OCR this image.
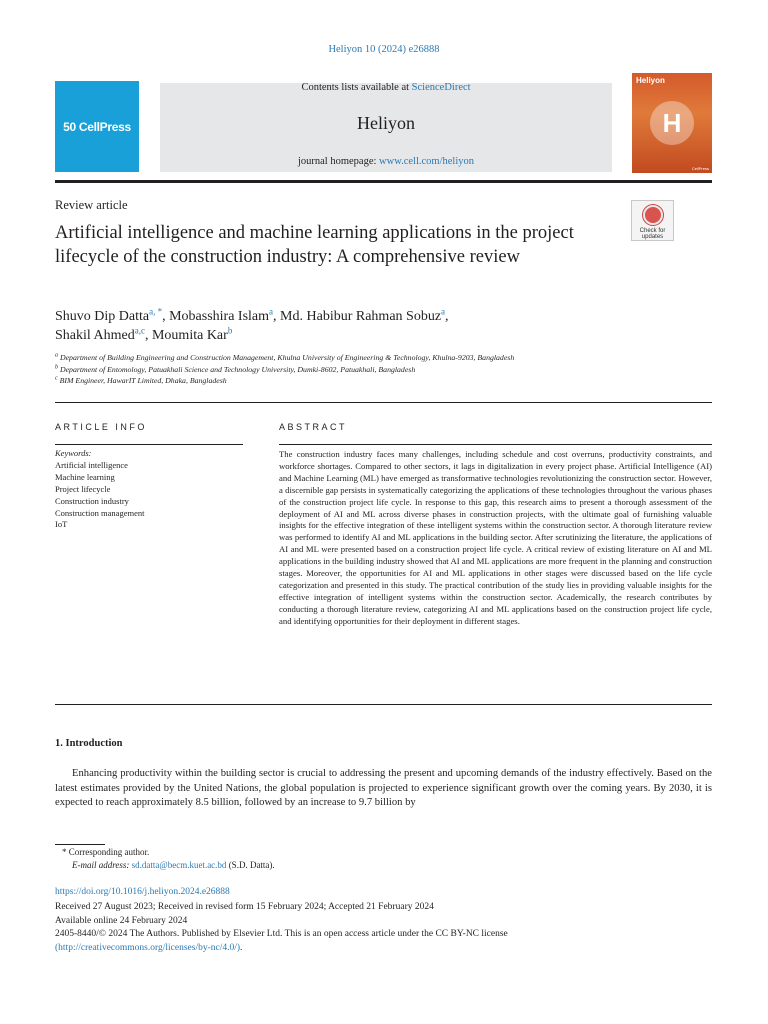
Heliyon 10 (2024) e26888
50 CellPress
Contents lists available at ScienceDirect
Heliyon
journal homepage: www.cell.com/heliyon
Heliyon
H
CellPress
Review article
Check for updates
Artificial intelligence and machine learning applications in the project lifecycle of the construction industry: A comprehensive review
Shuvo Dip Datta$^{a, *}$, Mobasshira Islam$^a$, Md. Habibur Rahman Sobuz$^a$,
Shakil Ahmed$^{a,c}$, Moumita Kar$^b$
$^a$ Department of Building Engineering and Construction Management, Khulna University of Engineering & Technology, Khulna-9203, Bangladesh
$^b$ Department of Entomology, Patuakhali Science and Technology University, Dumki-8602, Patuakhali, Bangladesh
$^c$ BIM Engineer, HawarIT Limited, Dhaka, Bangladesh
ARTICLE INFO	ABSTRACT
Keywords:
Artificial intelligence
Machine learning
Project lifecycle
Construction industry
Construction management
IoT
The construction industry faces many challenges, including schedule and cost overruns, productivity constraints, and workforce shortages. Compared to other sectors, it lags in digitalization in every project phase. Artificial Intelligence (AI) and Machine Learning (ML) have emerged as transformative technologies revolutionizing the construction sector. However, a discernible gap persists in systematically categorizing the applications of these technologies throughout the various phases of the construction project life cycle. In response to this gap, this research aims to present a thorough assessment of the deployment of AI and ML across diverse phases in construction projects, with the ultimate goal of furnishing valuable insights for the effective integration of these intelligent systems within the construction sector. A thorough literature review was performed to identify AI and ML applications in the building sector. After scrutinizing the literature, the applications of AI and ML were presented based on a construction project life cycle. A critical review of existing literature on AI and ML applications in the building industry showed that AI and ML applications are more frequent in the planning and construction stages. Moreover, the opportunities for AI and ML applications in other stages were discussed based on the life cycle categorization and presented in this study. The practical contribution of the study lies in providing valuable insights for the effective integration of intelligent systems within the construction sector. Academically, the research contributes by conducting a thorough literature review, categorizing AI and ML applications based on the construction project life cycle, and identifying opportunities for their deployment in different stages.
1. Introduction
Enhancing productivity within the building sector is crucial to addressing the present and upcoming demands of the industry effectively. Based on the latest estimates provided by the United Nations, the global population is projected to experience significant growth over the coming years. By 2030, it is expected to reach approximately 8.5 billion, followed by an increase to 9.7 billion by
* Corresponding author.
E-mail address: sd.datta@becm.kuet.ac.bd (S.D. Datta).
https://doi.org/10.1016/j.heliyon.2024.e26888
Received 27 August 2023; Received in revised form 15 February 2024; Accepted 21 February 2024
Available online 24 February 2024
2405-8440/© 2024 The Authors. Published by Elsevier Ltd. This is an open access article under the CC BY-NC license
(http://creativecommons.org/licenses/by-nc/4.0/).
